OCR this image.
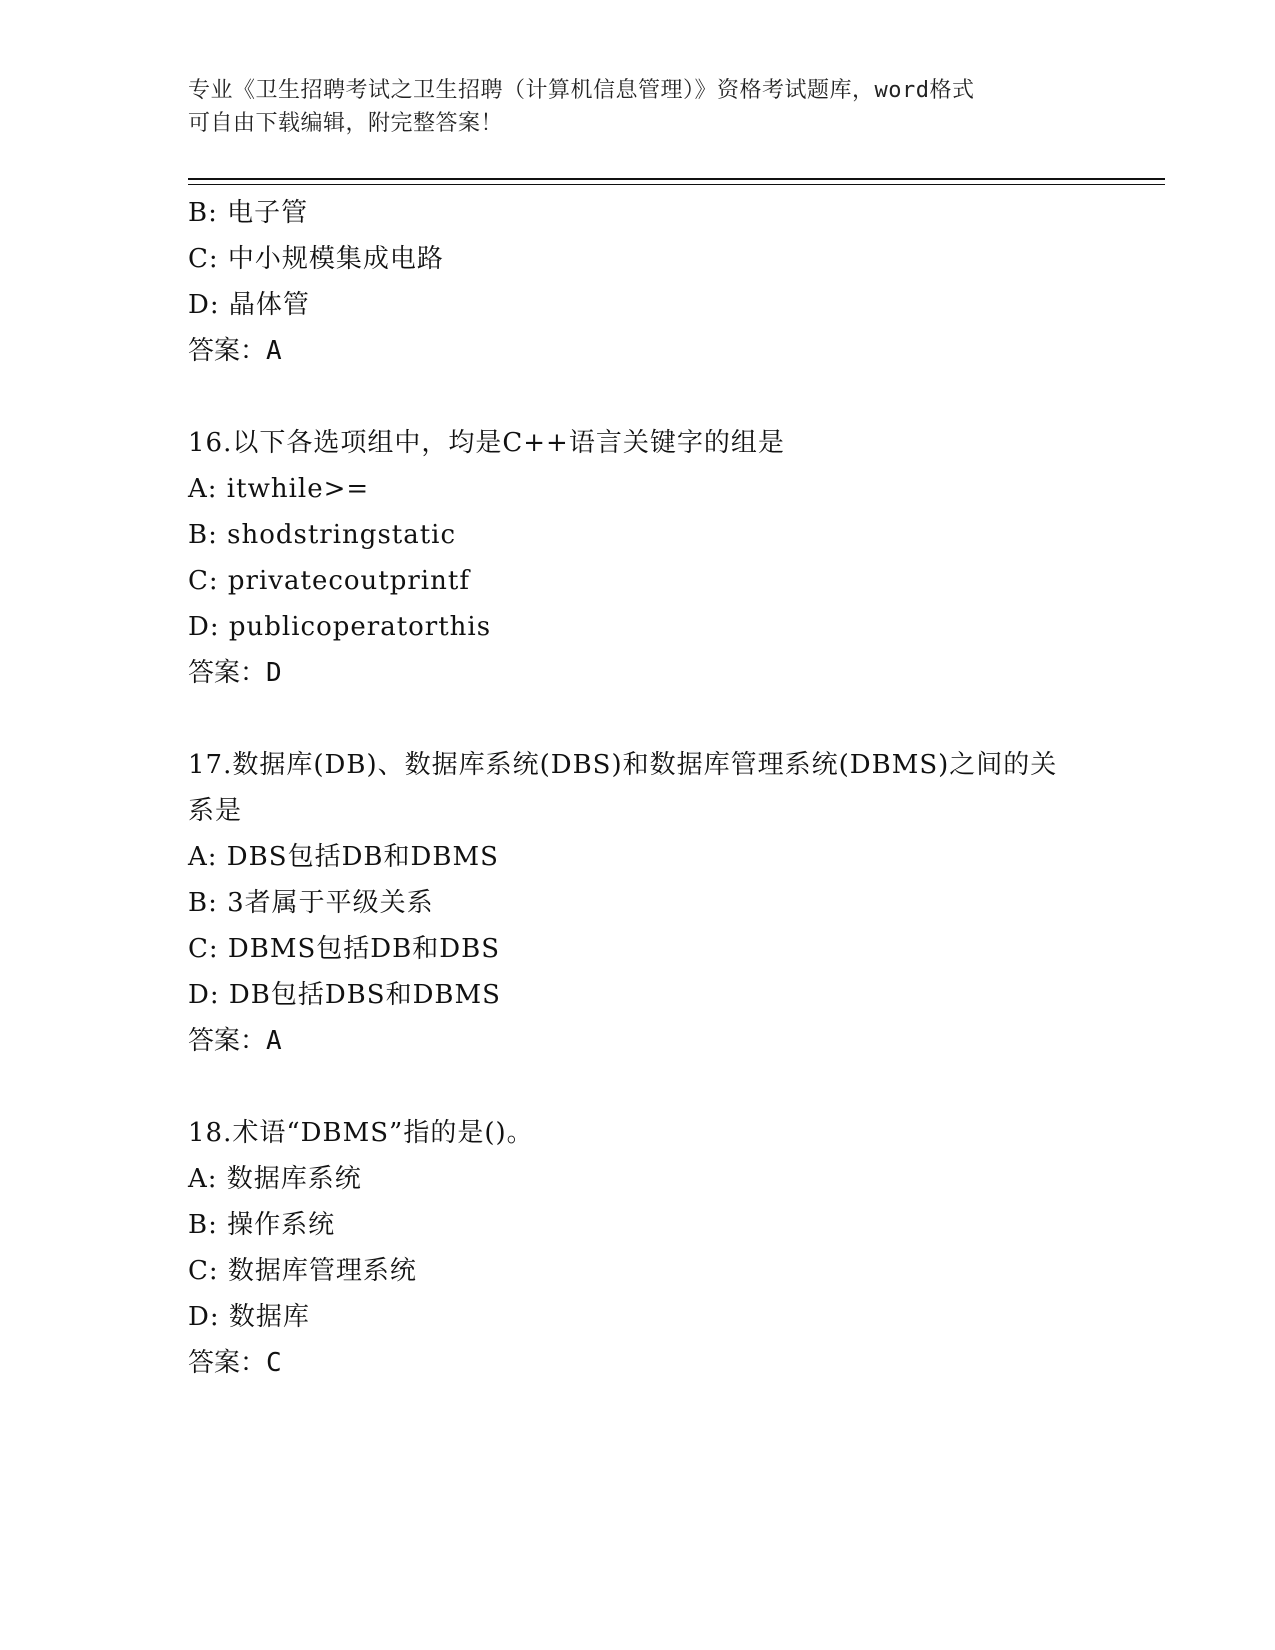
专业《卫生招聘考试之卫生招聘（计算机信息管理）》资格考试题库，word格式
可自由下载编辑，附完整答案！
B: 电子管
C: 中小规模集成电路
D: 晶体管
答案：A
16.以下各选项组中，均是C++语言关键字的组是
A: itwhile>=
B: shodstringstatic
C: privatecoutprintf
D: publicoperatorthis
答案：D
17.数据库(DB)、数据库系统(DBS)和数据库管理系统(DBMS)之间的关
系是
A: DBS包括DB和DBMS
B: 3者属于平级关系
C: DBMS包括DB和DBS
D: DB包括DBS和DBMS
答案：A
18.术语“DBMS”指的是()。
A: 数据库系统
B: 操作系统
C: 数据库管理系统
D: 数据库
答案：C
